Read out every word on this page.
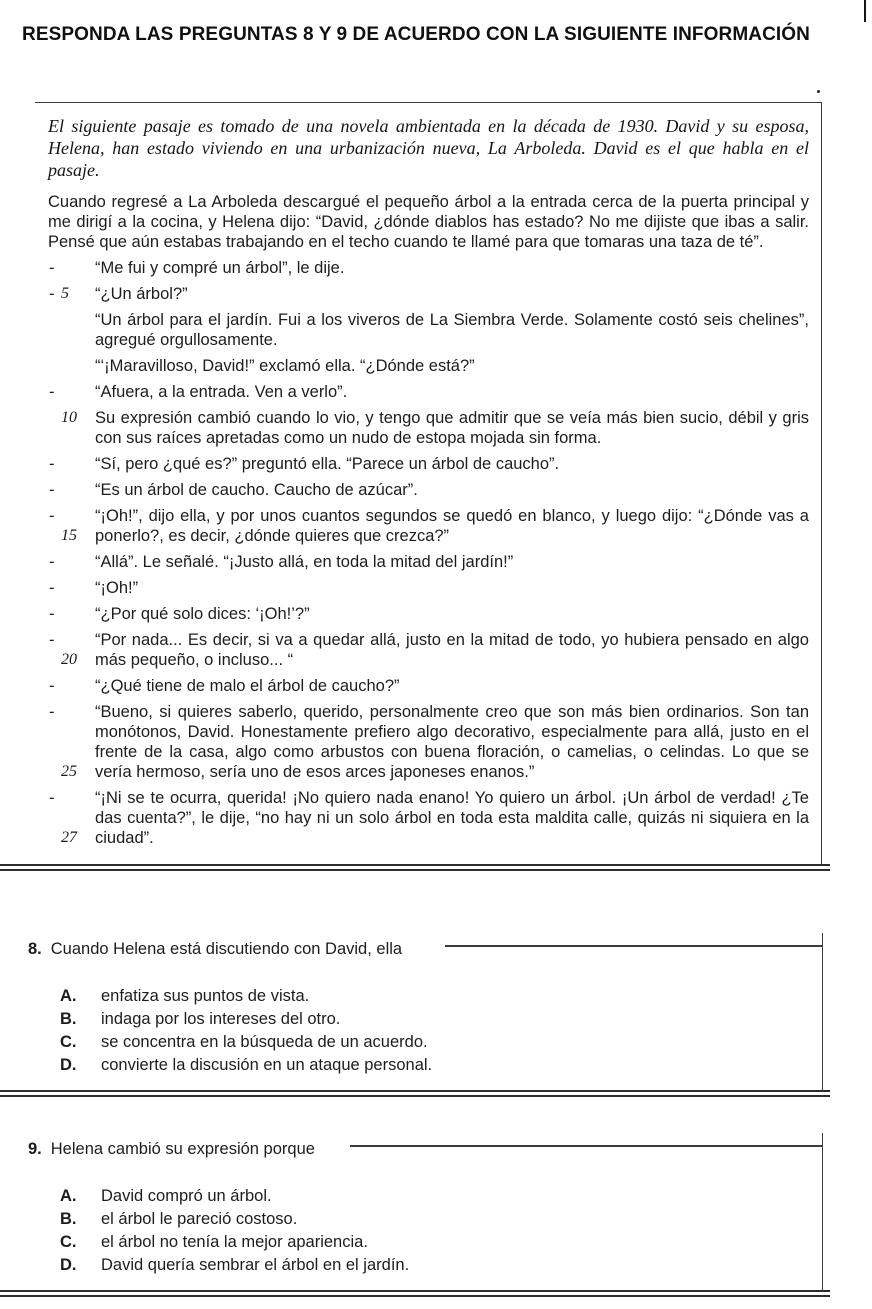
RESPONDA LAS PREGUNTAS 8 Y 9 DE ACUERDO CON LA SIGUIENTE INFORMACIÓN
El siguiente pasaje es tomado de una novela ambientada en la década de 1930. David y su esposa, Helena, han estado viviendo en una urbanización nueva, La Arboleda. David es el que habla en el pasaje.
Cuando regresé a La Arboleda descargué el pequeño árbol a la entrada cerca de la puerta principal y me dirigí a la cocina, y Helena dijo: “David, ¿dónde diablos has estado? No me dijiste que ibas a salir. Pensé que aún estabas trabajando en el techo cuando te llamé para que tomaras una taza de té”.
- “Me fui y compré un árbol”, le dije.
- 5 “¿Un árbol?”
“Un árbol para el jardín. Fui a los viveros de La Siembra Verde. Solamente costó seis chelines”, agregué orgullosamente.
“‘¡Maravilloso, David!” exclamó ella. “¿Dónde está?”
- “Afuera, a la entrada. Ven a verlo”.
10 Su expresión cambió cuando lo vio, y tengo que admitir que se veía más bien sucio, débil y gris con sus raíces apretadas como un nudo de estopa mojada sin forma.
- “Sí, pero ¿qué es?” preguntó ella. “Parece un árbol de caucho”.
- “Es un árbol de caucho. Caucho de azúcar”.
-
15
“¡Oh!”, dijo ella, y por unos cuantos segundos se quedó en blanco, y luego dijo: “¿Dónde vas a ponerlo?, es decir, ¿dónde quieres que crezca?”
- “Allá”. Le señalé. “¡Justo allá, en toda la mitad del jardín!”
- “¡Oh!”
- “¿Por qué solo dices: ‘¡Oh!’?”
-
20
“Por nada... Es decir, si va a quedar allá, justo en la mitad de todo, yo hubiera pensado en algo más pequeño, o incluso... “
- “¿Qué tiene de malo el árbol de caucho?”
-
25
“Bueno, si quieres saberlo, querido, personalmente creo que son más bien ordinarios. Son tan monótonos, David. Honestamente prefiero algo decorativo, especialmente para allá, justo en el frente de la casa, algo como arbustos con buena floración, o camelias, o celindas. Lo que se vería hermoso, sería uno de esos arces japoneses enanos.”
-
27
“¡Ni se te ocurra, querida! ¡No quiero nada enano! Yo quiero un árbol. ¡Un árbol de verdad! ¿Te das cuenta?”, le dije, “no hay ni un solo árbol en toda esta maldita calle, quizás ni siquiera en la ciudad”.
8. Cuando Helena está discutiendo con David, ella
A.	enfatiza sus puntos de vista.
B.	indaga por los intereses del otro.
C.	se concentra en la búsqueda de un acuerdo.
D.	convierte la discusión en un ataque personal.
9. Helena cambió su expresión porque
A.	David compró un árbol.
B.	el árbol le pareció costoso.
C.	el árbol no tenía la mejor apariencia.
D.	David quería sembrar el árbol en el jardín.
